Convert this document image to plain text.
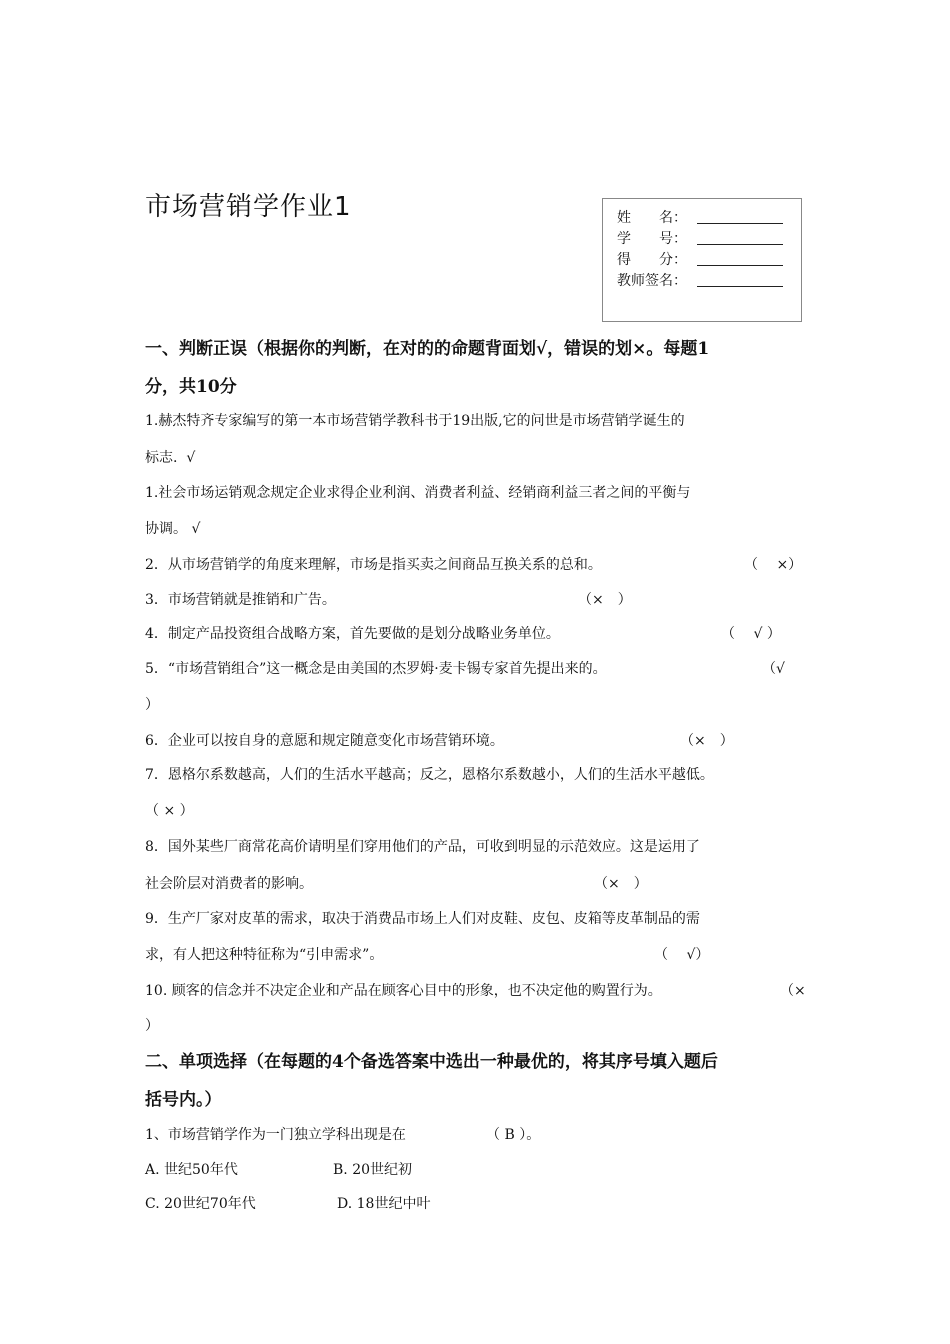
市场营销学作业1	姓　　名：
学　　号：
得　　分：
教师签名：
一、判断正误（根据你的判断，在对的的命题背面划√，错误的划×。每题1
分，共10分
1.赫杰特齐专家编写的第一本市场营销学教科书于19出版,它的问世是市场营销学诞生的
标志.  √
1.社会市场运销观念规定企业求得企业利润、消费者利益、经销商利益三者之间的平衡与
协调。 √
2．从市场营销学的角度来理解，市场是指买卖之间商品互换关系的总和。	（　 ×）
3．市场营销就是推销和广告。	（×　）
4．制定产品投资组合战略方案，首先要做的是划分战略业务单位。	（　 √ ）
5．“市场营销组合”这一概念是由美国的杰罗姆·麦卡锡专家首先提出来的。	（√
）
6．企业可以按自身的意愿和规定随意变化市场营销环境。	（×　）
7．恩格尔系数越高，人们的生活水平越高；反之，恩格尔系数越小，人们的生活水平越低。
（ × ）
8．国外某些厂商常花高价请明星们穿用他们的产品，可收到明显的示范效应。这是运用了
社会阶层对消费者的影响。	（×　）
9．生产厂家对皮革的需求，取决于消费品市场上人们对皮鞋、皮包、皮箱等皮革制品的需
求，有人把这种特征称为“引申需求”。	（　 √）
10. 顾客的信念并不决定企业和产品在顾客心目中的形象，也不决定他的购置行为。	（×
）
二、单项选择（在每题的4个备选答案中选出一种最优的，将其序号填入题后
括号内。）
1、市场营销学作为一门独立学科出现是在	（ B ）。
A. 世纪50年代	B. 20世纪初
C. 20世纪70年代	D. 18世纪中叶
